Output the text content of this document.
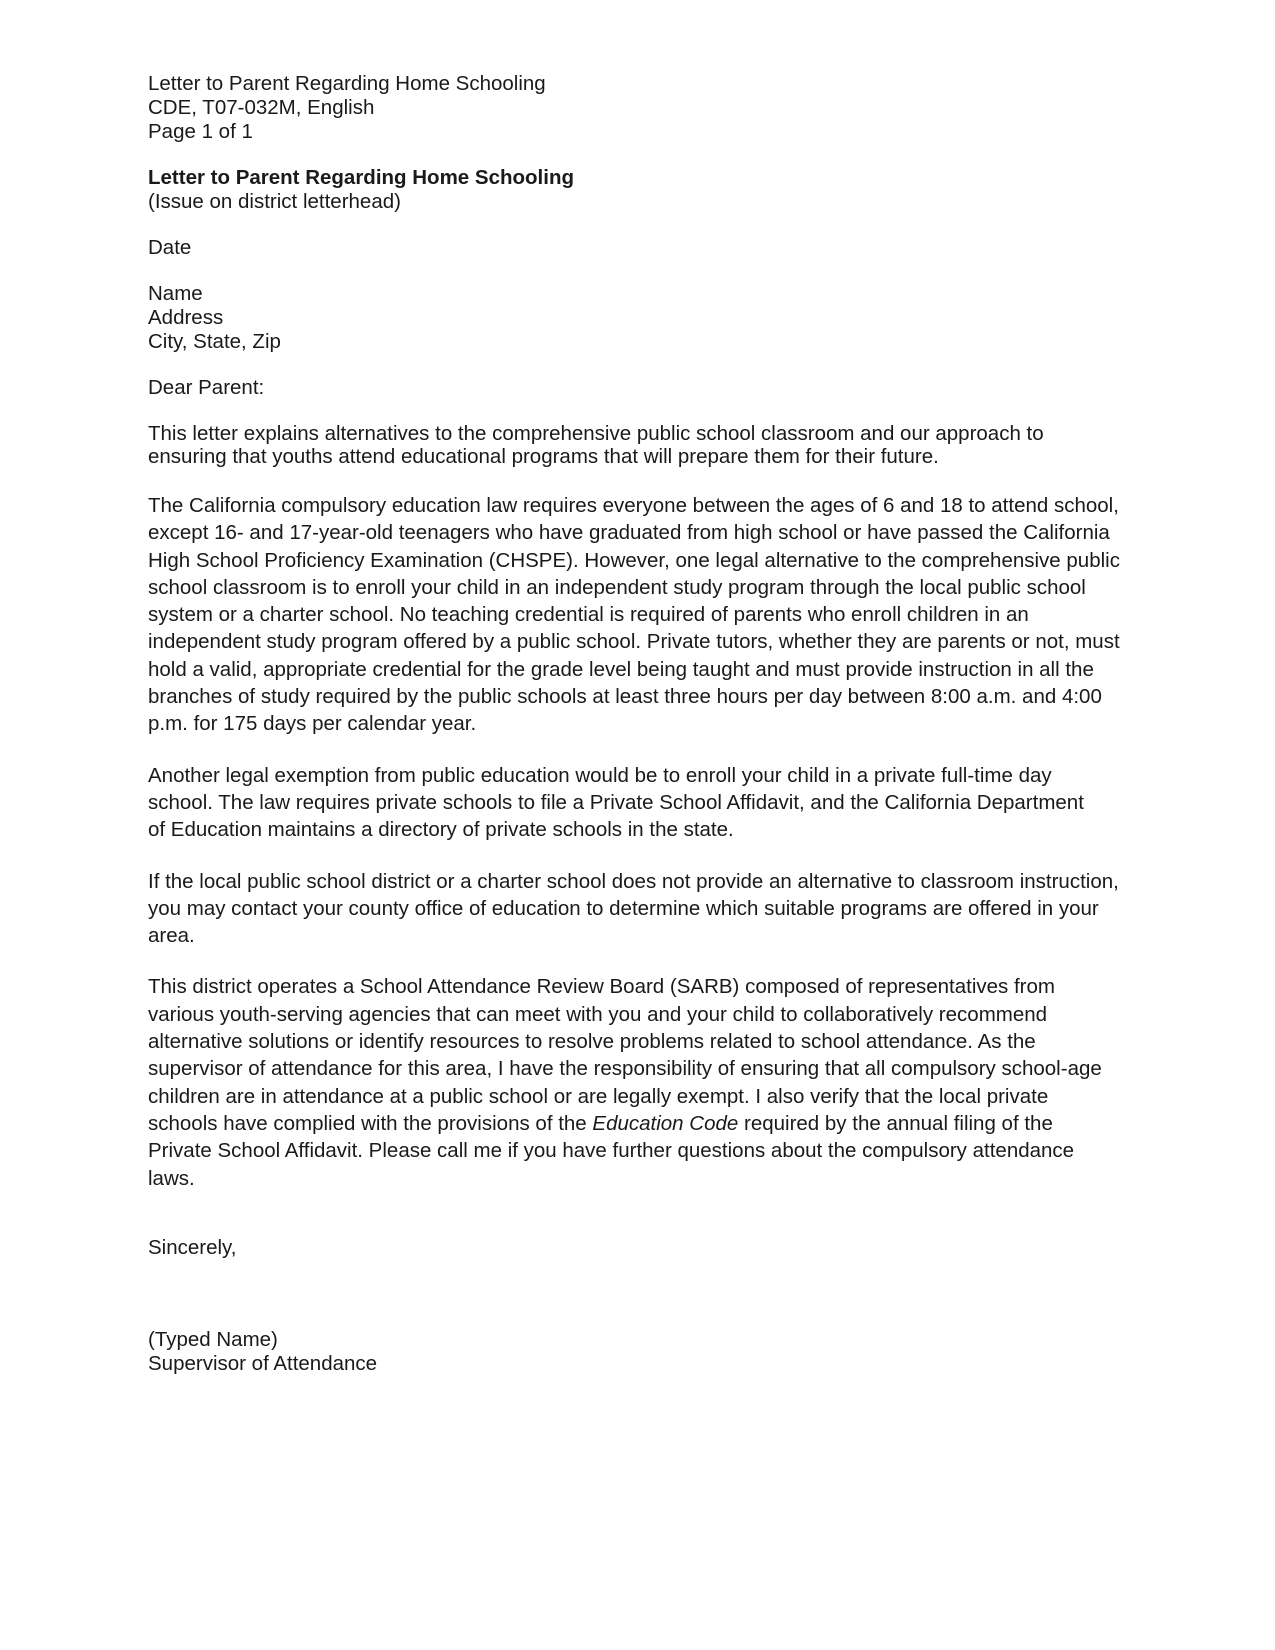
Letter to Parent Regarding Home Schooling
CDE, T07-032M, English
Page 1 of 1
Letter to Parent Regarding Home Schooling
(Issue on district letterhead)
Date
Name
Address
City, State, Zip
Dear Parent:
This letter explains alternatives to the comprehensive public school classroom and our approach to
ensuring that youths attend educational programs that will prepare them for their future.
The California compulsory education law requires everyone between the ages of 6 and 18 to attend school,
except 16- and 17-year-old teenagers who have graduated from high school or have passed the California
High School Proficiency Examination (CHSPE). However, one legal alternative to the comprehensive public
school classroom is to enroll your child in an independent study program through the local public school
system or a charter school. No teaching credential is required of parents who enroll children in an
independent study program offered by a public school. Private tutors, whether they are parents or not, must
hold a valid, appropriate credential for the grade level being taught and must provide instruction in all the
branches of study required by the public schools at least three hours per day between 8:00 a.m. and 4:00
p.m. for 175 days per calendar year.
Another legal exemption from public education would be to enroll your child in a private full-time day
school. The law requires private schools to file a Private School Affidavit, and the California Department
of Education maintains a directory of private schools in the state.
If the local public school district or a charter school does not provide an alternative to classroom instruction,
you may contact your county office of education to determine which suitable programs are offered in your
area.
This district operates a School Attendance Review Board (SARB) composed of representatives from
various youth-serving agencies that can meet with you and your child to collaboratively recommend
alternative solutions or identify resources to resolve problems related to school attendance. As the
supervisor of attendance for this area, I have the responsibility of ensuring that all compulsory school-age
children are in attendance at a public school or are legally exempt. I also verify that the local private
schools have complied with the provisions of the Education Code required by the annual filing of the
Private School Affidavit. Please call me if you have further questions about the compulsory attendance
laws.
Sincerely,
(Typed Name)
Supervisor of Attendance
